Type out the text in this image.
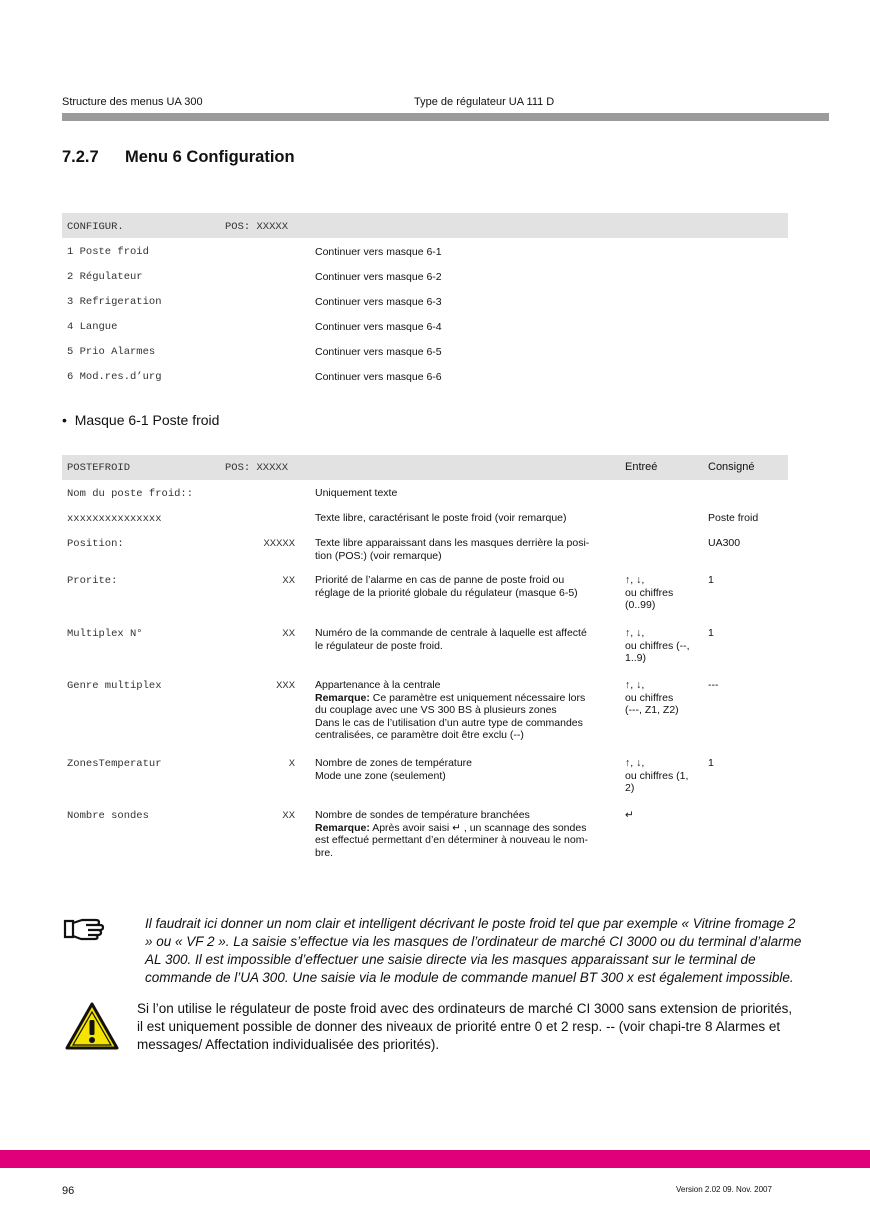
Structure des menus UA 300	Type de régulateur UA 111 D
7.2.7 Menu 6 Configuration
CONFIGUR.	POS: XXXXX
1 Poste froid	Continuer vers masque 6-1
2 Régulateur	Continuer vers masque 6-2
3 Refrigeration	Continuer vers masque 6-3
4 Langue	Continuer vers masque 6-4
5 Prio Alarmes	Continuer vers masque 6-5
6 Mod.res.d’urg	Continuer vers masque 6-6
•  Masque 6-1 Poste froid
POSTEFROID	POS: XXXXX	Entreé	Consigné
Nom du poste froid::	Uniquement texte
xxxxxxxxxxxxxxx	Texte libre, caractérisant le poste froid (voir remarque)	Poste froid
Position:	XXXXX Texte libre apparaissant dans les masques derrière la posi-
tion (POS:) (voir remarque)
UA300
Prorite:	XX Priorité de l’alarme en cas de panne de poste froid ou
réglage de la priorité globale du régulateur (masque 6-5)
↑, ↓,
ou chiffres
(0..99)
1
Multiplex N°	XX Numéro de la commande de centrale à laquelle est affecté
le régulateur de poste froid.
↑, ↓,
ou chiffres (--,
1..9)
1
Genre multiplex	XXX Appartenance à la centrale
Remarque: Ce paramètre est uniquement nécessaire lors
du couplage avec une VS 300 BS à plusieurs zones
Dans le cas de l’utilisation d’un autre type de commandes
centralisées, ce paramètre doit être exclu (--)
↑, ↓,
ou chiffres
(---, Z1, Z2)
---
ZonesTemperatur	X Nombre de zones de température
Mode une zone (seulement)
↑, ↓,
ou chiffres (1,
2)
1
Nombre sondes	XX Nombre de sondes de température branchées
Remarque: Après avoir saisi ↵ , un scannage des sondes
est effectué permettant d’en déterminer à nouveau le nom-
bre.
↵
Il faudrait ici donner un nom clair et intelligent décrivant le poste froid tel que par exemple « Vitrine fromage 2 » ou « VF 2 ». La saisie s’effectue via les masques de l’ordinateur de marché CI 3000 ou du terminal d’alarme AL 300. Il est impossible d’effectuer une saisie directe via les masques apparaissant sur le terminal de commande de l’UA 300. Une saisie via le module de commande manuel BT 300 x est également impossible.
Si l’on utilise le régulateur de poste froid avec des ordinateurs de marché CI 3000 sans extension de priorités, il est uniquement possible de donner des niveaux de priorité entre 0 et 2 resp. -- (voir chapi-tre 8 Alarmes et messages/ Affectation individualisée des priorités).
96	Version 2.02 09. Nov. 2007
